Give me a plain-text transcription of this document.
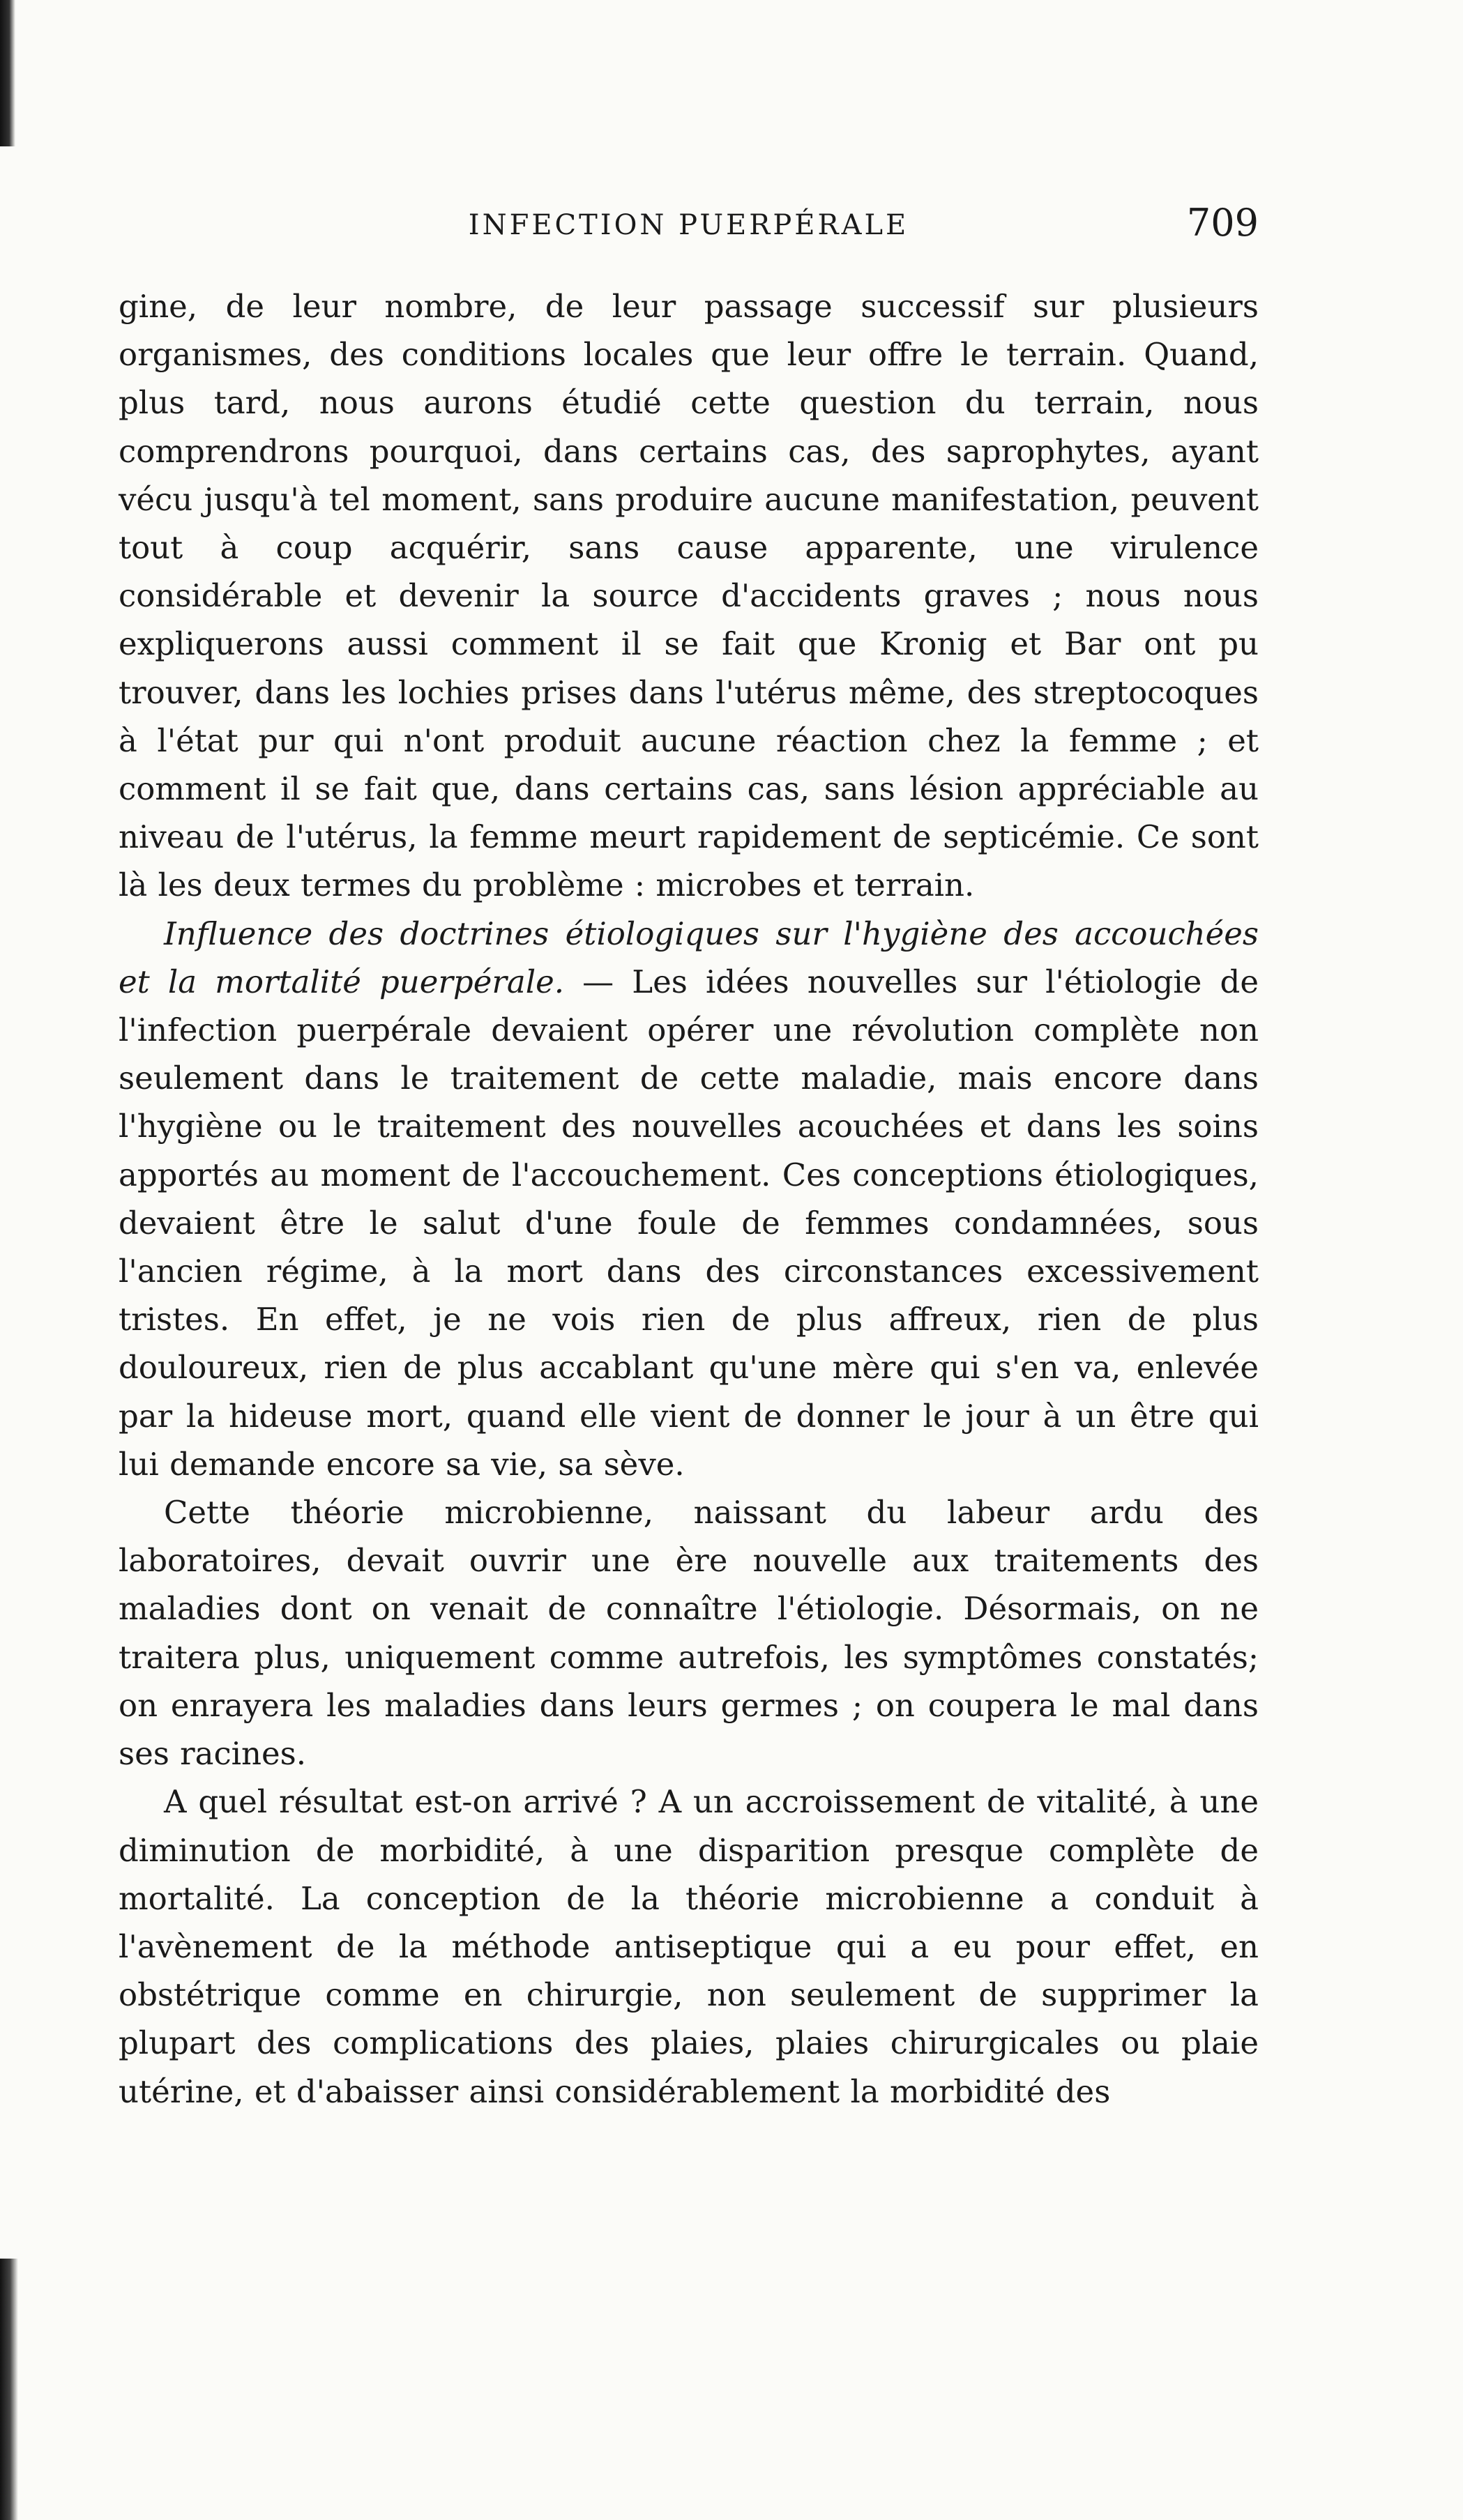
INFECTION PUERPÉRALE	709

gine, de leur nombre, de leur passage successif sur plusieurs organismes, des conditions locales que leur offre le terrain. Quand, plus tard, nous aurons étudié cette question du terrain, nous comprendrons pourquoi, dans certains cas, des saprophytes, ayant vécu jusqu'à tel moment, sans produire aucune manifestation, peuvent tout à coup acquérir, sans cause apparente, une virulence considérable et devenir la source d'accidents graves ; nous nous expliquerons aussi comment il se fait que Kronig et Bar ont pu trouver, dans les lochies prises dans l'utérus même, des streptocoques à l'état pur qui n'ont produit aucune réaction chez la femme ; et comment il se fait que, dans certains cas, sans lésion appréciable au niveau de l'utérus, la femme meurt rapidement de septicémie. Ce sont là les deux termes du problème : microbes et terrain.

Influence des doctrines étiologiques sur l'hygiène des accouchées et la mortalité puerpérale. — Les idées nouvelles sur l'étiologie de l'infection puerpérale devaient opérer une révolution complète non seulement dans le traitement de cette maladie, mais encore dans l'hygiène ou le traitement des nouvelles acouchées et dans les soins apportés au moment de l'accouchement. Ces conceptions étiologiques, devaient être le salut d'une foule de femmes condamnées, sous l'ancien régime, à la mort dans des circonstances excessivement tristes. En effet, je ne vois rien de plus affreux, rien de plus douloureux, rien de plus accablant qu'une mère qui s'en va, enlevée par la hideuse mort, quand elle vient de donner le jour à un être qui lui demande encore sa vie, sa sève.

Cette théorie microbienne, naissant du labeur ardu des laboratoires, devait ouvrir une ère nouvelle aux traitements des maladies dont on venait de connaître l'étiologie. Désormais, on ne traitera plus, uniquement comme autrefois, les symptômes constatés; on enrayera les maladies dans leurs germes ; on coupera le mal dans ses racines.

A quel résultat est-on arrivé ? A un accroissement de vitalité, à une diminution de morbidité, à une disparition presque complète de mortalité. La conception de la théorie microbienne a conduit à l'avènement de la méthode antiseptique qui a eu pour effet, en obstétrique comme en chirurgie, non seulement de supprimer la plupart des complications des plaies, plaies chirurgicales ou plaie utérine, et d'abaisser ainsi considérablement la morbidité des
